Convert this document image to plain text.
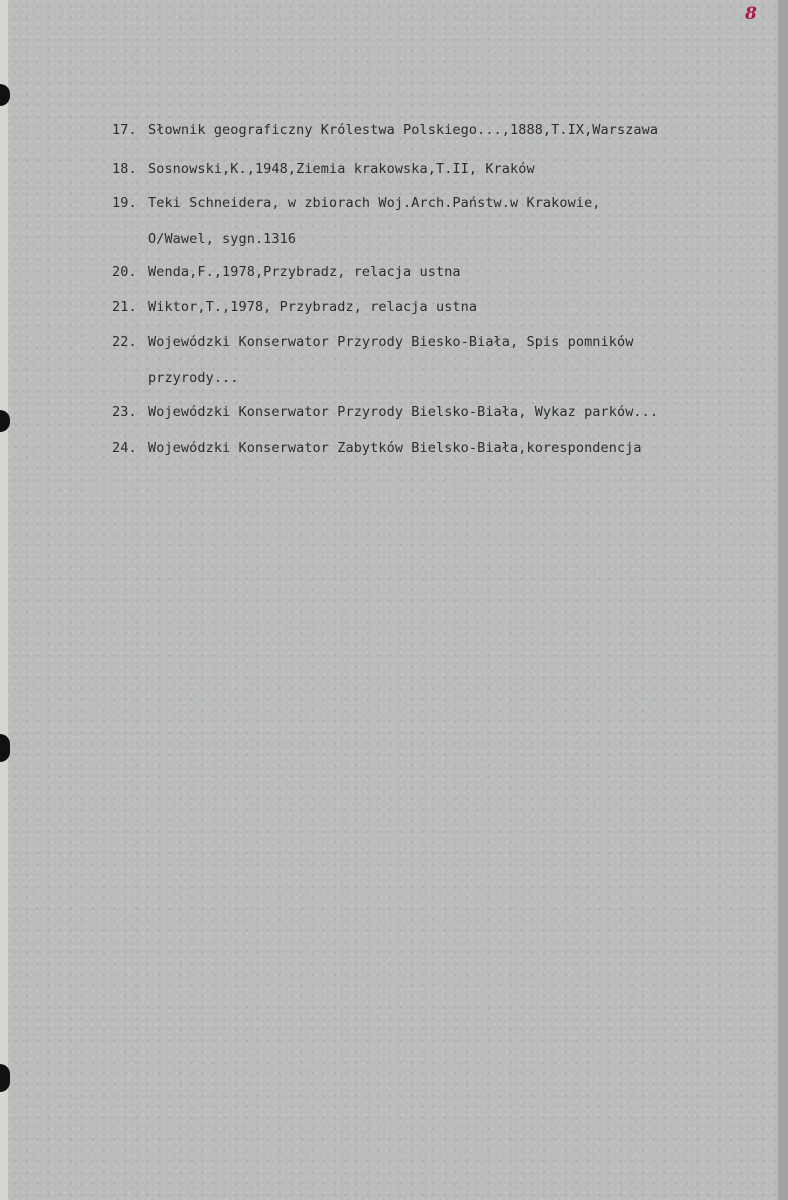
8
17. Słownik geograficzny Królestwa Polskiego...,1888,T.IX,Warszawa
18. Sosnowski,K.,1948,Ziemia krakowska,T.II, Kraków
19. Teki Schneidera, w zbiorach Woj.Arch.Państw.w Krakowie,
O/Wawel, sygn.1316
20. Wenda,F.,1978,Przybradz, relacja ustna
21. Wiktor,T.,1978, Przybradz, relacja ustna
22. Wojewódzki Konserwator Przyrody Biesko-Biała, Spis pomników
przyrody...
23. Wojewódzki Konserwator Przyrody Bielsko-Biała, Wykaz parków...
24. Wojewódzki Konserwator Zabytków Bielsko-Biała,korespondencja
